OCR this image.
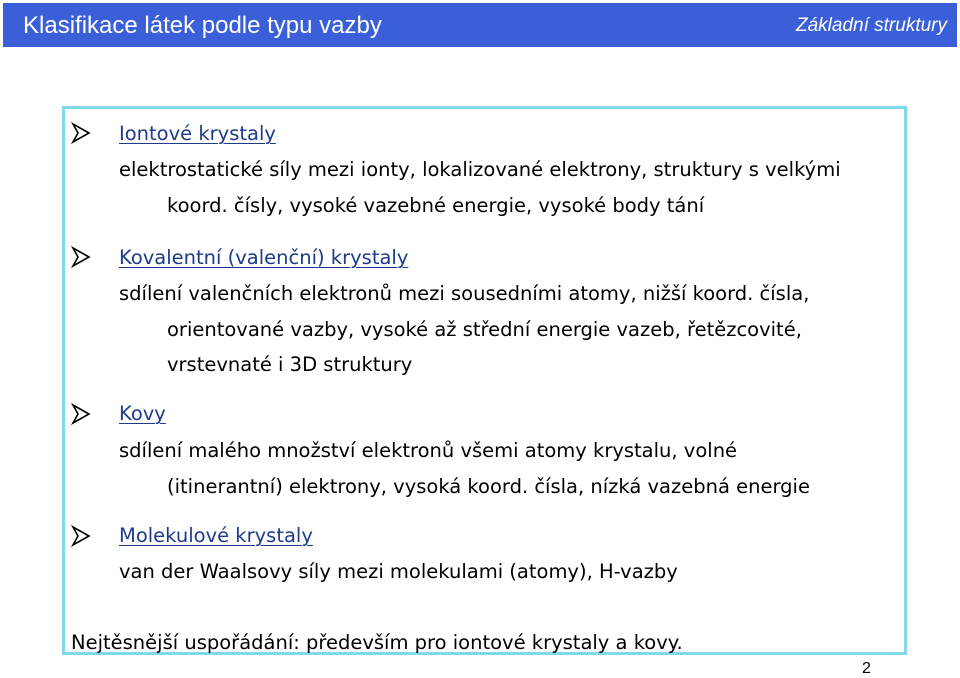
Klasifikace látek podle typu vazby	Základní struktury
Iontové krystaly
elektrostatické síly mezi ionty, lokalizované elektrony, struktury s velkými
koord. čísly, vysoké vazebné energie, vysoké body tání
Kovalentní (valenční) krystaly
sdílení valenčních elektronů mezi sousedními atomy, nižší koord. čísla,
orientované vazby, vysoké až střední energie vazeb, řetězcovité,
vrstevnaté i 3D struktury
Kovy
sdílení malého množství elektronů všemi atomy krystalu, volné
(itinerantní) elektrony, vysoká koord. čísla, nízká vazebná energie
Molekulové krystaly
van der Waalsovy síly mezi molekulami (atomy), H-vazby
Nejtěsnější uspořádání: především pro iontové krystaly a kovy.
2
